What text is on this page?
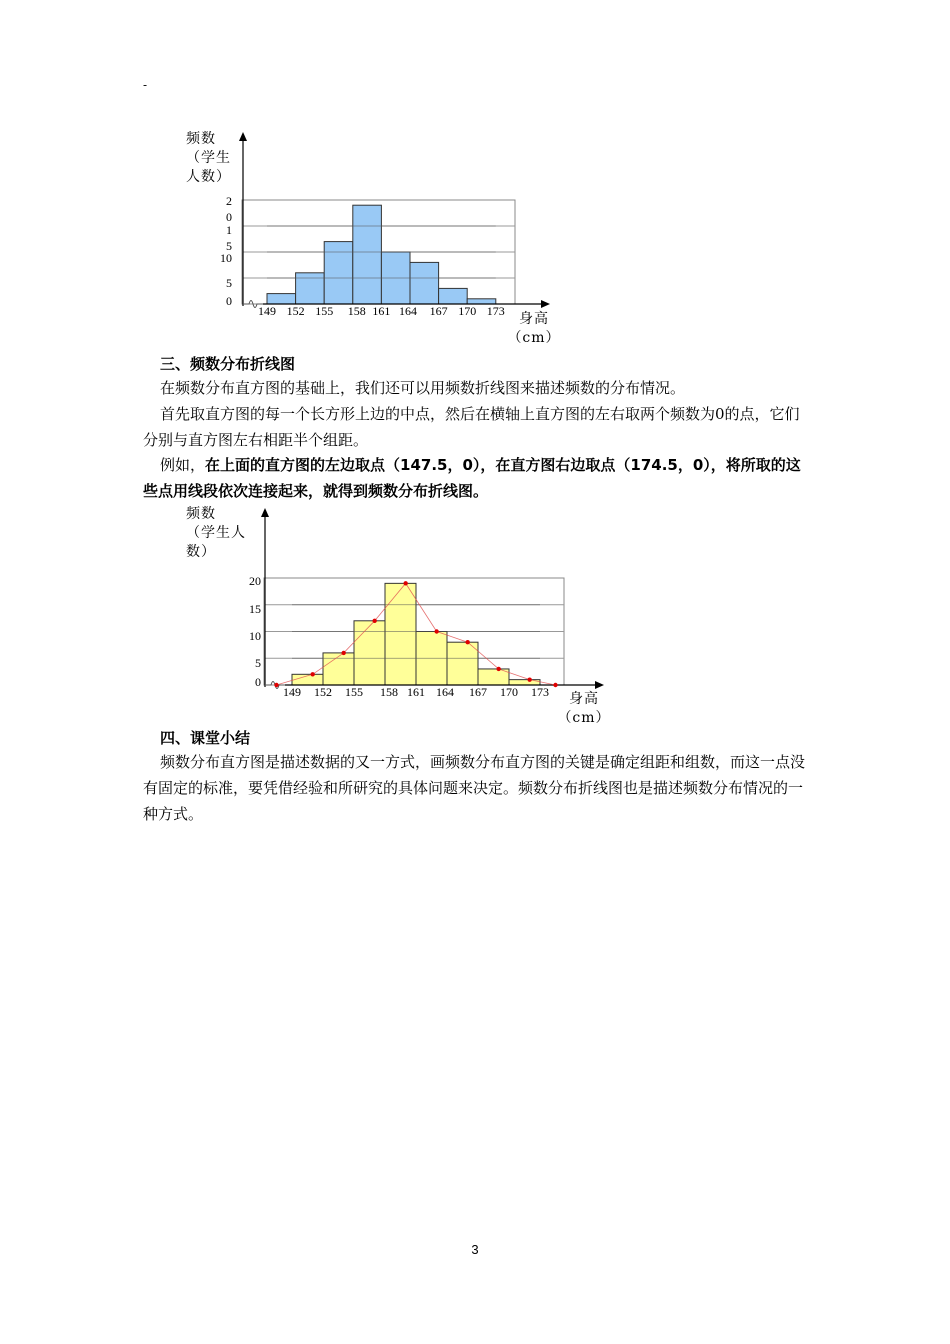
-
频数
（学生
人数）
149 152 155 158 161 164 167 170 173
2
0
1
5
10
5
0
149 152 155 158 161 164 167 170 173
20
15
10
5
0
身高
（cm）
三、频数分布折线图
在频数分布直方图的基础上，我们还可以用频数折线图来描述频数的分布情况。
首先取直方图的每一个长方形上边的中点，然后在横轴上直方图的左右取两个频数为0的点，它们分别与直方图左右相距半个组距。
例如，在上面的直方图的左边取点（147.5，0），在直方图右边取点（174.5，0），将所取的这些点用线段依次连接起来，就得到频数分布折线图。
频数
（学生人
数）
身高
（cm）
四、课堂小结
频数分布直方图是描述数据的又一方式，画频数分布直方图的关键是确定组距和组数，而这一点没有固定的标准，要凭借经验和所研究的具体问题来决定。频数分布折线图也是描述频数分布情况的一种方式。
3
